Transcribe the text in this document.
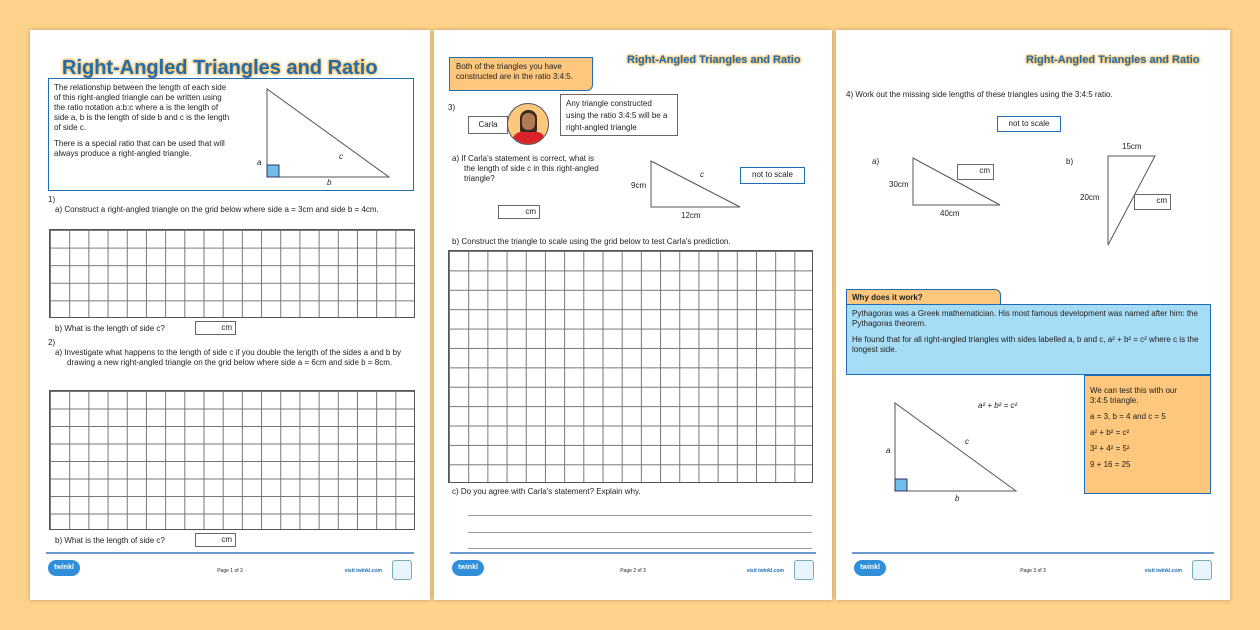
Right-Angled Triangles and Ratio
The relationship between the length of each side of this right-angled triangle can be written using the ratio notation a:b:c where a is the length of side a, b is the length of side b and c is the length of side c.
There is a special ratio that can be used that will always produce a right-angled triangle.
a
c
b
1)
a) Construct a right-angled triangle on the grid below where side a = 3cm and side b = 4cm.
b) What is the length of side c?	cm
2)
a) Investigate what happens to the length of side c if you double the length of the sides a and b by drawing a new right-angled triangle on the grid below where side a = 6cm and side b = 8cm.
b) What is the length of side c?	cm
twinkl	Page 1 of 3	visit twinkl.com
Both of the triangles you have constructed are in the ratio 3:4:5.
Right-Angled Triangles and Ratio
3)
Carla
Any triangle constructed using the ratio 3:4:5 will be a right-angled triangle
a) If Carla's statement is correct, what is the length of side c in this right-angled triangle?
cm
9cm
12cm
c	not to scale
b) Construct the triangle to scale using the grid below to test Carla's prediction.
c) Do you agree with Carla's statement? Explain why.
twinkl	Page 2 of 3	visit twinkl.com
Right-Angled Triangles and Ratio
4) Work out the missing side lengths of these triangles using the 3:4:5 ratio.
not to scale
a)
30cm
40cm
cm
b)
15cm
20cm	cm
Why does it work?
Pythagoras was a Greek mathematician. His most famous development was named after him: the Pythagoras theorem.
He found that for all right-angled triangles with sides labelled a, b and c, a² + b² = c² where c is the longest side.
We can test this with our 3:4:5 triangle.
a = 3, b = 4 and c = 5
a² + b² = c²
3² + 4² = 5²
9 + 16 = 25
a² + b² = c²
a
c
b
twinkl	Page 3 of 3	visit twinkl.com
